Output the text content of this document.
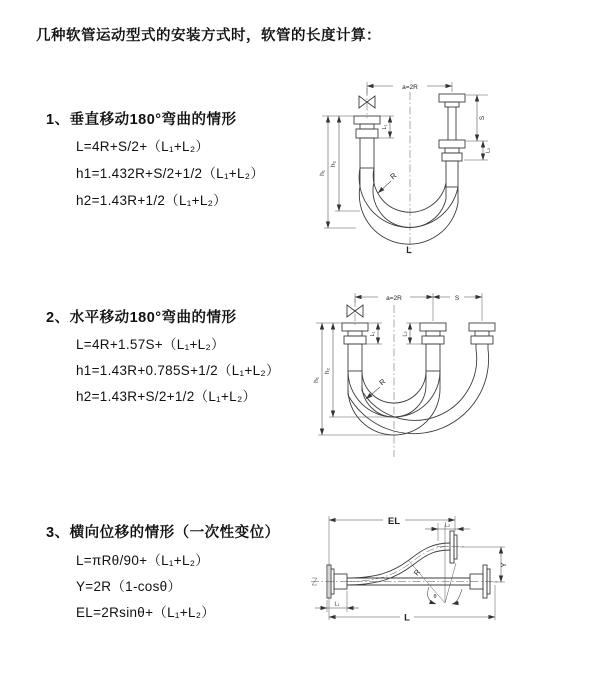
几种软管运动型式的安装方式时，软管的长度计算：
1、垂直移动180°弯曲的情形
L=4R+S/2+（L₁+L₂）
h1=1.432R+S/2+1/2（L₁+L₂）
h2=1.43R+1/2（L₁+L₂）
2、水平移动180°弯曲的情形
L=4R+1.57S+（L₁+L₂）
h1=1.43R+0.785S+1/2（L₁+L₂）
h2=1.43R+S/2+1/2（L₁+L₂）
3、横向位移的情形（一次性变位）
L=πRθ/90+（L₁+L₂）
Y=2R（1-cosθ）
EL=2Rsinθ+（L₁+L₂）
a=2R
L₁
S
L₂
h₁
h₂
R
L
a=2R	S
L₁	L₂
h₁
h₂
R
EL	L₂
Y
R
θ
L₁
L
